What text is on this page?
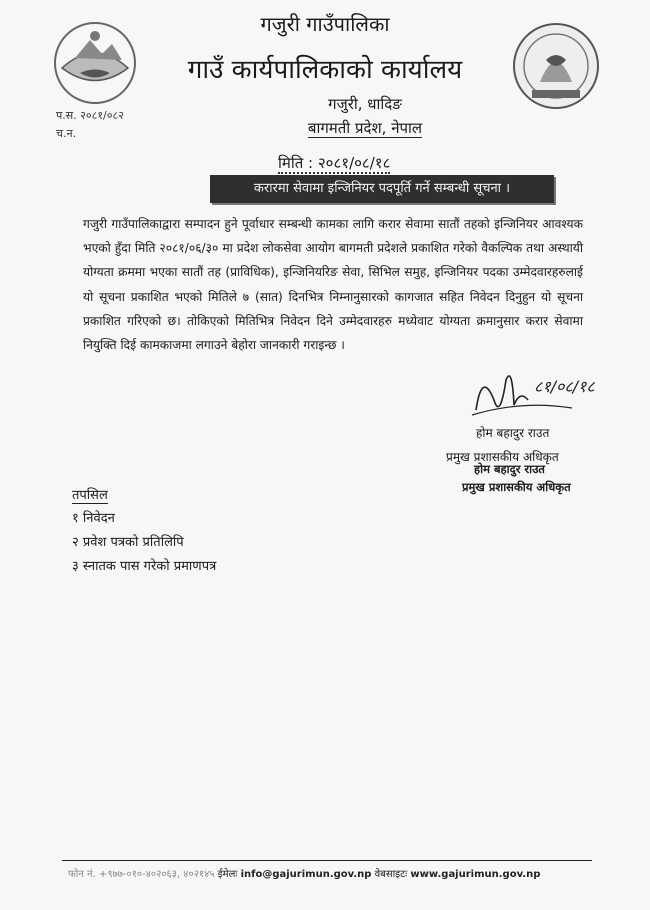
गजुरी गाउँपालिका
गाउँ कार्यपालिकाको कार्यालय
गजुरी, धादिङ
बागमती प्रदेश, नेपाल
प.स. २०८१/०८२
च.न.
मिति : २०८१/०८/१८
करारमा सेवामा इन्जिनियर पदपूर्ति गर्ने सम्बन्धी सूचना ।
गजुरी गाउँपालिकाद्वारा सम्पादन हुने पूर्वाधार सम्बन्धी कामका लागि करार सेवामा सातौं तहको इन्जिनियर आवश्यक भएको हुँदा मिति २०८१/०६/३० मा प्रदेश लोकसेवा आयोग बागमती प्रदेशले प्रकाशित गरेको वैकल्पिक तथा अस्थायी योग्यता क्रममा भएका सातौं तह (प्राविधिक), इन्जिनियरिङ सेवा, सिभिल समुह, इन्जिनियर पदका उम्मेदवारहरुलाई यो सूचना प्रकाशित भएको मितिले ७ (सात) दिनभित्र निम्नानुसारको कागजात सहित निवेदन दिनुहुन यो सूचना प्रकाशित गरिएको छ। तोकिएको मितिभित्र निवेदन दिने उम्मेदवारहरु मध्येवाट योग्यता क्रमानुसार करार सेवामा नियुक्ति दिई कामकाजमा लगाउने बेहोरा जानकारी गराइन्छ ।
८१/०८/१८
होम बहादुर राउत
प्रमुख प्रशासकीय अधिकृत
होम बहादुर राउत
प्रमुख प्रशासकीय अधिकृत
तपसिल
१ निवेदन
२ प्रवेश पत्रको प्रतिलिपि
३ स्नातक पास गरेको प्रमाणपत्र
फोन नं. +९७७-०१०-४०२०६३, ४०२१४५ ईमेलः info@gajurimun.gov.np वेबसाइटः www.gajurimun.gov.np
